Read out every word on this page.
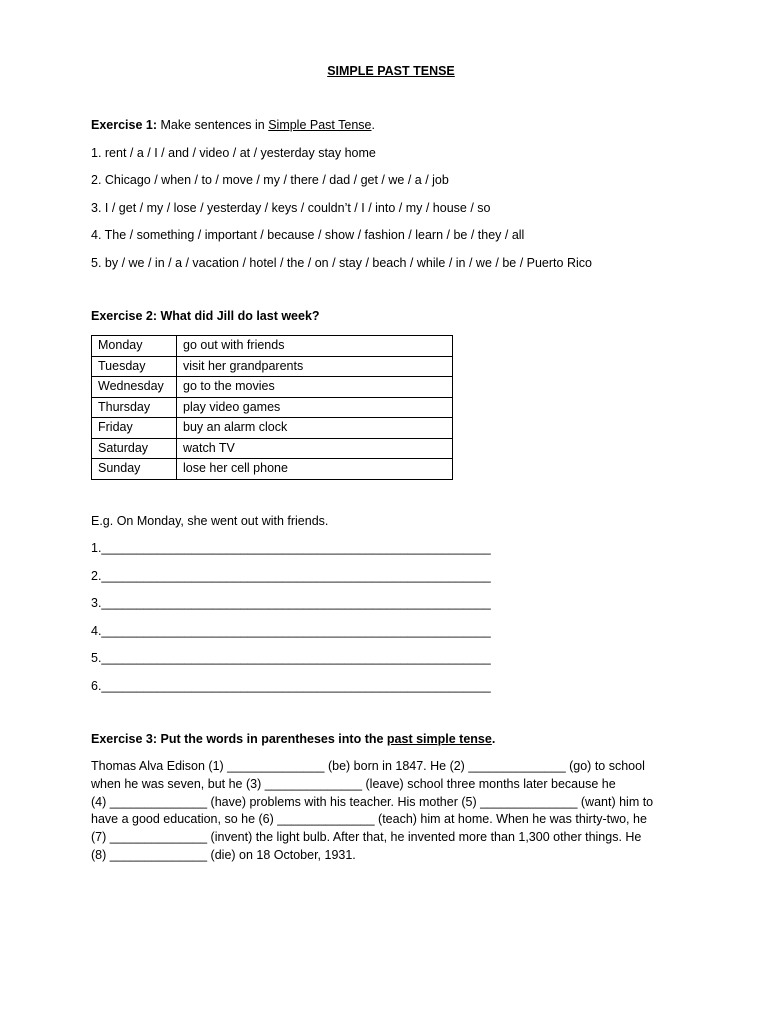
SIMPLE PAST TENSE
Exercise 1: Make sentences in Simple Past Tense.
1. rent / a / I / and / video / at / yesterday stay home
2. Chicago / when / to / move / my / there / dad / get / we / a / job
3. I / get / my / lose / yesterday / keys / couldn’t / I / into / my / house / so
4. The / something / important / because / show / fashion / learn / be / they / all
5. by / we / in / a / vacation / hotel / the / on / stay / beach / while / in / we / be / Puerto Rico
Exercise 2: What did Jill do last week?
Monday	go out with friends
Tuesday	visit her grandparents
Wednesday	go to the movies
Thursday	play video games
Friday	buy an alarm clock
Saturday	watch TV
Sunday	lose her cell phone
E.g. On Monday, she went out with friends.
1.________________________________________________________
2.________________________________________________________
3.________________________________________________________
4.________________________________________________________
5.________________________________________________________
6.________________________________________________________
Exercise 3: Put the words in parentheses into the past simple tense.
Thomas Alva Edison (1) ______________ (be) born in 1847. He (2) ______________ (go) to school
when he was seven, but he (3) ______________ (leave) school three months later because he
(4) ______________ (have) problems with his teacher. His mother (5) ______________ (want) him to
have a good education, so he (6) ______________ (teach) him at home. When he was thirty-two, he
(7) ______________ (invent) the light bulb. After that, he invented more than 1,300 other things. He
(8) ______________ (die) on 18 October, 1931.
